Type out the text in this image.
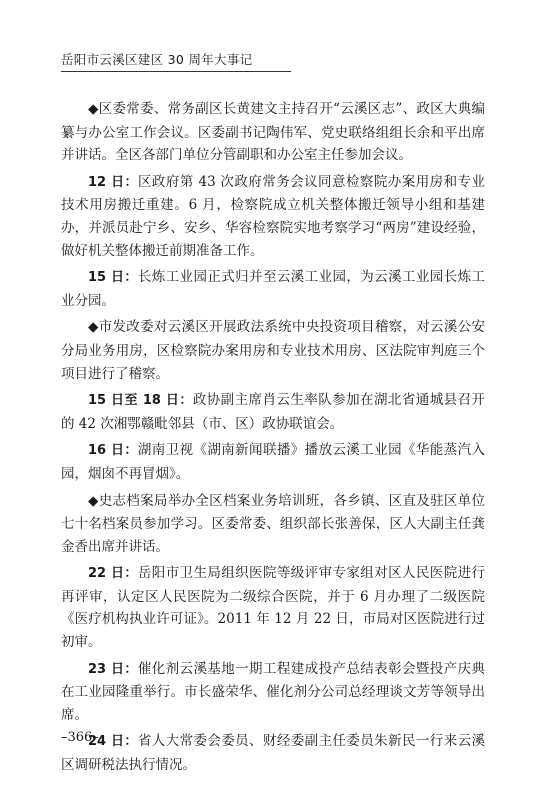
岳阳市云溪区建区 30 周年大事记

◆区委常委、常务副区长黄建文主持召开“云溪区志”、政区大典编纂与办公室工作会议。区委副书记陶伟军、党史联络组组长余和平出席并讲话。全区各部门单位分管副职和办公室主任参加会议。

12 日：区政府第 43 次政府常务会议同意检察院办案用房和专业技术用房搬迁重建。6 月，检察院成立机关整体搬迁领导小组和基建办，并派员赴宁乡、安乡、华容检察院实地考察学习“两房”建设经验，做好机关整体搬迁前期准备工作。

15 日：长炼工业园正式归并至云溪工业园，为云溪工业园长炼工业分园。

◆市发改委对云溪区开展政法系统中央投资项目稽察，对云溪公安分局业务用房，区检察院办案用房和专业技术用房、区法院审判庭三个项目进行了稽察。

15 日至 18 日：政协副主席肖云生率队参加在湖北省通城县召开的 42 次湘鄂赣毗邻县（市、区）政协联谊会。

16 日：湖南卫视《湖南新闻联播》播放云溪工业园《华能蒸汽入园，烟囱不再冒烟》。

◆史志档案局举办全区档案业务培训班，各乡镇、区直及驻区单位七十名档案员参加学习。区委常委、组织部长张善保，区人大副主任龚金香出席并讲话。

22 日：岳阳市卫生局组织医院等级评审专家组对区人民医院进行再评审，认定区人民医院为二级综合医院，并于 6 月办理了二级医院《医疗机构执业许可证》。2011 年 12 月 22 日，市局对区医院进行过初审。

23 日：催化剂云溪基地一期工程建成投产总结表彰会暨投产庆典在工业园隆重举行。市长盛荣华、催化剂分公司总经理谈文芳等领导出席。

24 日：省人大常委会委员、财经委副主任委员朱新民一行来云溪区调研税法执行情况。

–366–
